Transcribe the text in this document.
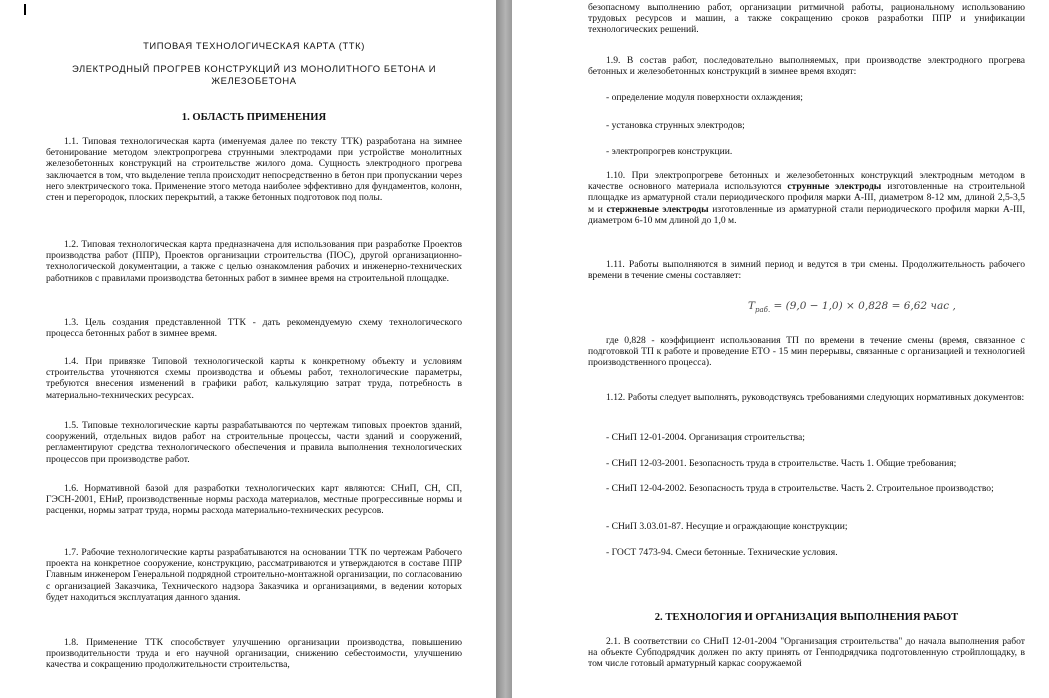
ТИПОВАЯ ТЕХНОЛОГИЧЕСКАЯ КАРТА (ТТК)
ЭЛЕКТРОДНЫЙ ПРОГРЕВ КОНСТРУКЦИЙ ИЗ МОНОЛИТНОГО БЕТОНА И ЖЕЛЕЗОБЕТОНА
1. ОБЛАСТЬ ПРИМЕНЕНИЯ

1.1. Типовая технологическая карта (именуемая далее по тексту ТТК) разработана на зимнее бетонирование методом электропрогрева струнными электродами при устройстве монолитных железобетонных конструкций на строительстве жилого дома. Сущность электродного прогрева заключается в том, что выделение тепла происходит непосредственно в бетон при пропускании через него электрического тока. Применение этого метода наиболее эффективно для фундаментов, колонн, стен и перегородок, плоских перекрытий, а также бетонных подготовок под полы.

1.2. Типовая технологическая карта предназначена для использования при разработке Проектов производства работ (ППР), Проектов организации строительства (ПОС), другой организационно-технологической документации, а также с целью ознакомления рабочих и инженерно-технических работников с правилами производства бетонных работ в зимнее время на строительной площадке.

1.3. Цель создания представленной ТТК - дать рекомендуемую схему технологического процесса бетонных работ в зимнее время.

1.4. При привязке Типовой технологической карты к конкретному объекту и условиям строительства уточняются схемы производства и объемы работ, технологические параметры, требуются внесения изменений в графики работ, калькуляцию затрат труда, потребность в материально-технических ресурсах.

1.5. Типовые технологические карты разрабатываются по чертежам типовых проектов зданий, сооружений, отдельных видов работ на строительные процессы, части зданий и сооружений, регламентируют средства технологического обеспечения и правила выполнения технологических процессов при производстве работ.

1.6. Нормативной базой для разработки технологических карт являются: СНиП, СН, СП, ГЭСН-2001, ЕНиР, производственные нормы расхода материалов, местные прогрессивные нормы и расценки, нормы затрат труда, нормы расхода материально-технических ресурсов.

1.7. Рабочие технологические карты разрабатываются на основании ТТК по чертежам Рабочего проекта на конкретное сооружение, конструкцию, рассматриваются и утверждаются в составе ППР Главным инженером Генеральной подрядной строительно-монтажной организации, по согласованию с организацией Заказчика, Технического надзора Заказчика и организациями, в ведении которых будет находиться эксплуатация данного здания.

1.8. Применение ТТК способствует улучшению организации производства, повышению производительности труда и его научной организации, снижению себестоимости, улучшению качества и сокращению продолжительности строительства,

безопасному выполнению работ, организации ритмичной работы, рациональному использованию трудовых ресурсов и машин, а также сокращению сроков разработки ППР и унификации технологических решений.

1.9. В состав работ, последовательно выполняемых, при производстве электродного прогрева бетонных и железобетонных конструкций в зимнее время входят:

- определение модуля поверхности охлаждения;

- установка струнных электродов;

- электропрогрев конструкции.

1.10. При электропрогреве бетонных и железобетонных конструкций электродным методом в качестве основного материала используются струнные электроды изготовленные на строительной площадке из арматурной стали периодического профиля марки А-III, диаметром 8-12 мм, длиной 2,5-3,5 м и стержневые электроды изготовленные из арматурной стали периодического профиля марки А-III, диаметром 6-10 мм длиной до 1,0 м.

1.11. Работы выполняются в зимний период и ведутся в три смены. Продолжительность рабочего времени в течение смены составляет:

$T_{раб.} = (9,0 - 1,0) \times 0,828 = 6,62$ час ,

где 0,828 - коэффициент использования ТП по времени в течение смены (время, связанное с подготовкой ТП к работе и проведение ЕТО - 15 мин перерывы, связанные с организацией и технологией производственного процесса).

1.12. Работы следует выполнять, руководствуясь требованиями следующих нормативных документов:

- СНиП 12-01-2004. Организация строительства;

- СНиП 12-03-2001. Безопасность труда в строительстве. Часть 1. Общие требования;

- СНиП 12-04-2002. Безопасность труда в строительстве. Часть 2. Строительное производство;

- СНиП 3.03.01-87. Несущие и ограждающие конструкции;

- ГОСТ 7473-94. Смеси бетонные. Технические условия.

2. ТЕХНОЛОГИЯ И ОРГАНИЗАЦИЯ ВЫПОЛНЕНИЯ РАБОТ

2.1. В соответствии со СНиП 12-01-2004 "Организация строительства" до начала выполнения работ на объекте Субподрядчик должен по акту принять от Генподрядчика подготовленную стройплощадку, в том числе готовый арматурный каркас сооружаемой
